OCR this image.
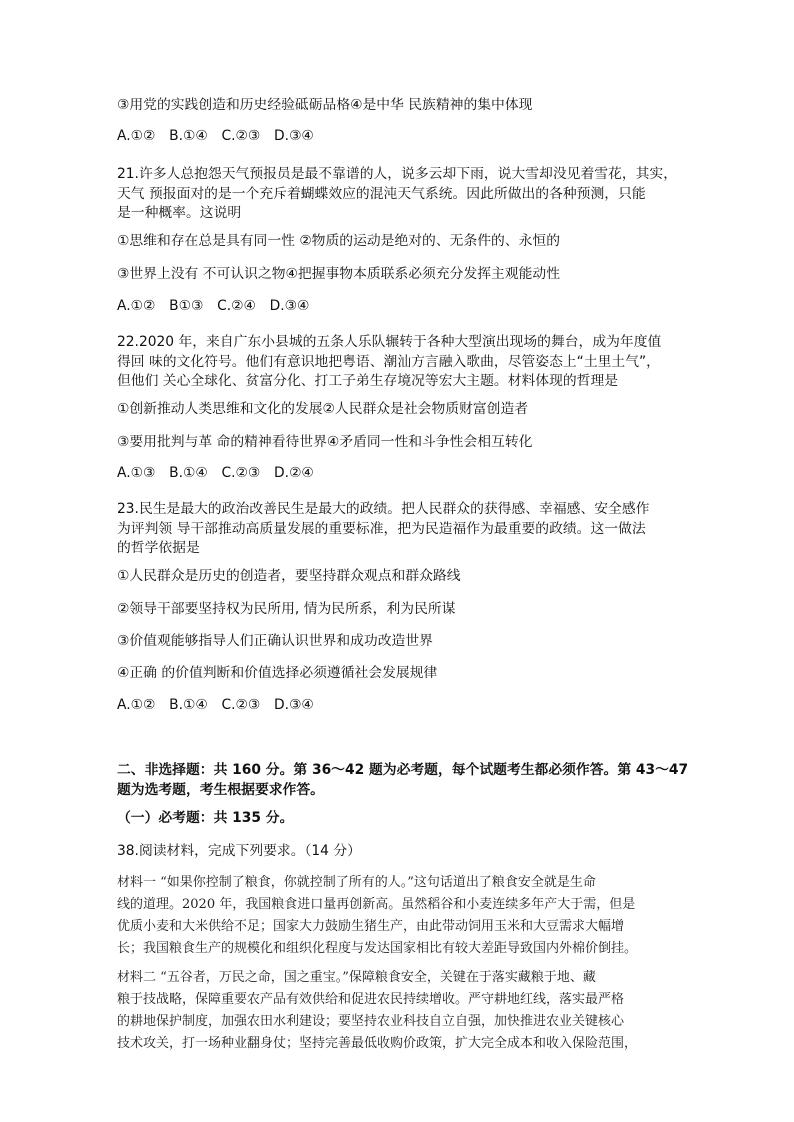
③用党的实践创造和历史经验砥砺品格④是中华 民族精神的集中体现
A.①②　B.①④　C.②③　D.③④
21.许多人总抱怨天气预报员是最不靠谱的人，说多云却下雨，说大雪却没见着雪花，其实，
天气 预报面对的是一个充斥着蝴蝶效应的混沌天气系统。因此所做出的各种预测，只能
是一种概率。这说明
①思维和存在总是具有同一性 ②物质的运动是绝对的、无条件的、永恒的
③世界上没有 不可认识之物④把握事物本质联系必须充分发挥主观能动性
A.①②　B①③　C.②④　D.③④
22.2020 年，来自广东小县城的五条人乐队辗转于各种大型演出现场的舞台，成为年度值
得回 味的文化符号。他们有意识地把粤语、潮汕方言融入歌曲，尽管姿态上“土里土气”，
但他们 关心全球化、贫富分化、打工子弟生存境况等宏大主题。材料体现的哲理是
①创新推动人类思维和文化的发展②人民群众是社会物质财富创造者
③要用批判与革 命的精神看待世界④矛盾同一性和斗争性会相互转化
A.①③　B.①④　C.②③　D.②④
23.民生是最大的政治改善民生是最大的政绩。把人民群众的获得感、幸福感、安全感作
为评判领 导干部推动高质量发展的重要标准，把为民造福作为最重要的政绩。这一做法
的哲学依据是
①人民群众是历史的创造者，要坚持群众观点和群众路线
②领导干部要坚持权为民所用, 情为民所系，利为民所谋
③价值观能够指导人们正确认识世界和成功改造世界
④正确 的价值判断和价值选择必须遵循社会发展规律
A.①②　B.①④　C.②③　D.③④
二、非选择题：共 160 分。第 36～42 题为必考题，每个试题考生都必须作答。第 43～47
题为选考题，考生根据要求作答。
（一）必考题：共 135 分。
38.阅读材料，完成下列要求。（14 分）
材料一 “如果你控制了粮食，你就控制了所有的人。”这句话道出了粮食安全就是生命
线的道理。2020 年，我国粮食进口量再创新高。虽然稻谷和小麦连续多年产大于需，但是
优质小麦和大米供给不足；国家大力鼓励生猪生产，由此带动饲用玉米和大豆需求大幅增
长；我国粮食生产的规模化和组织化程度与发达国家相比有较大差距导致国内外棉价倒挂。
材料二 “五谷者，万民之命，国之重宝。”保障粮食安全，关键在于落实藏粮于地、藏
粮于技战略，保障重要农产品有效供给和促进农民持续增收。严守耕地红线，落实最严格
的耕地保护制度，加强农田水利建设；要坚持农业科技自立自强，加快推进农业关键核心
技术攻关，打一场种业翻身仗；坚持完善最低收购价政策，扩大完全成本和收入保险范围，
